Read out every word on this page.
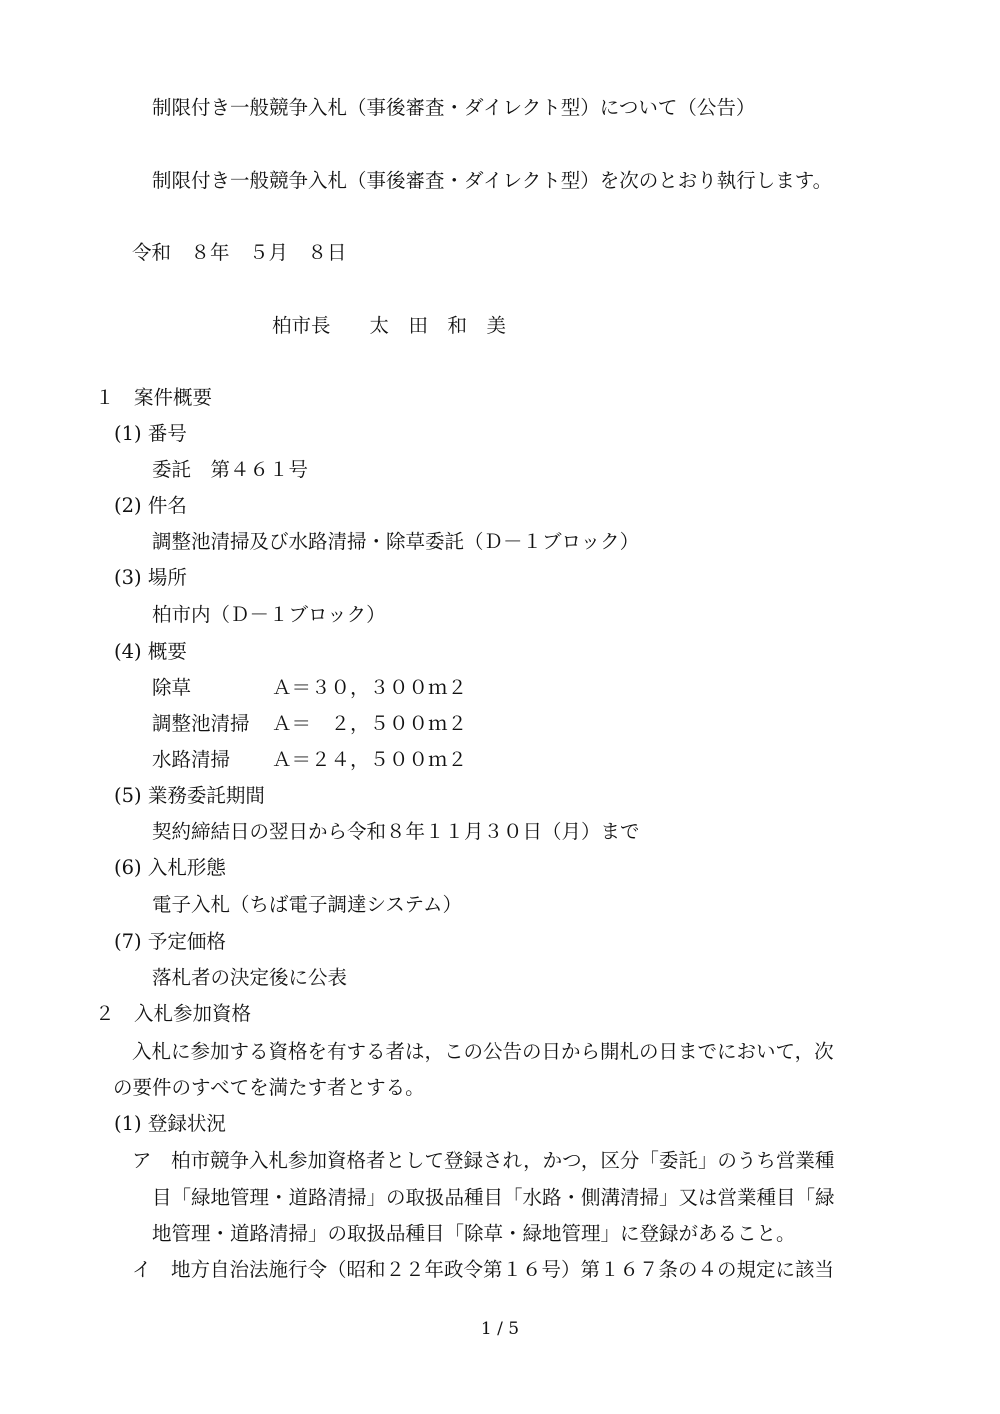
制限付き一般競争入札（事後審査・ダイレクト型）について（公告）
制限付き一般競争入札（事後審査・ダイレクト型）を次のとおり執行します。
令和　８年　５月　８日
柏市長　　太　田　和　美
１　案件概要
(1) 番号
委託　第４６１号
(2) 件名
調整池清掃及び水路清掃・除草委託（Ｄ－１ブロック）
(3) 場所
柏市内（Ｄ－１ブロック）
(4) 概要
除草	Ａ＝３０，３００ｍ２
調整池清掃 Ａ＝　２，５００ｍ２
水路清掃 Ａ＝２４，５００ｍ２
(5) 業務委託期間
契約締結日の翌日から令和８年１１月３０日（月）まで
(6) 入札形態
電子入札（ちば電子調達システム）
(7) 予定価格
落札者の決定後に公表
２　入札参加資格
入札に参加する資格を有する者は，この公告の日から開札の日までにおいて，次
の要件のすべてを満たす者とする。
(1) 登録状況
ア　柏市競争入札参加資格者として登録され，かつ，区分「委託」のうち営業種
目「緑地管理・道路清掃」の取扱品種目「水路・側溝清掃」又は営業種目「緑
地管理・道路清掃」の取扱品種目「除草・緑地管理」に登録があること。
イ　地方自治法施行令（昭和２２年政令第１６号）第１６７条の４の規定に該当
1 / 5
